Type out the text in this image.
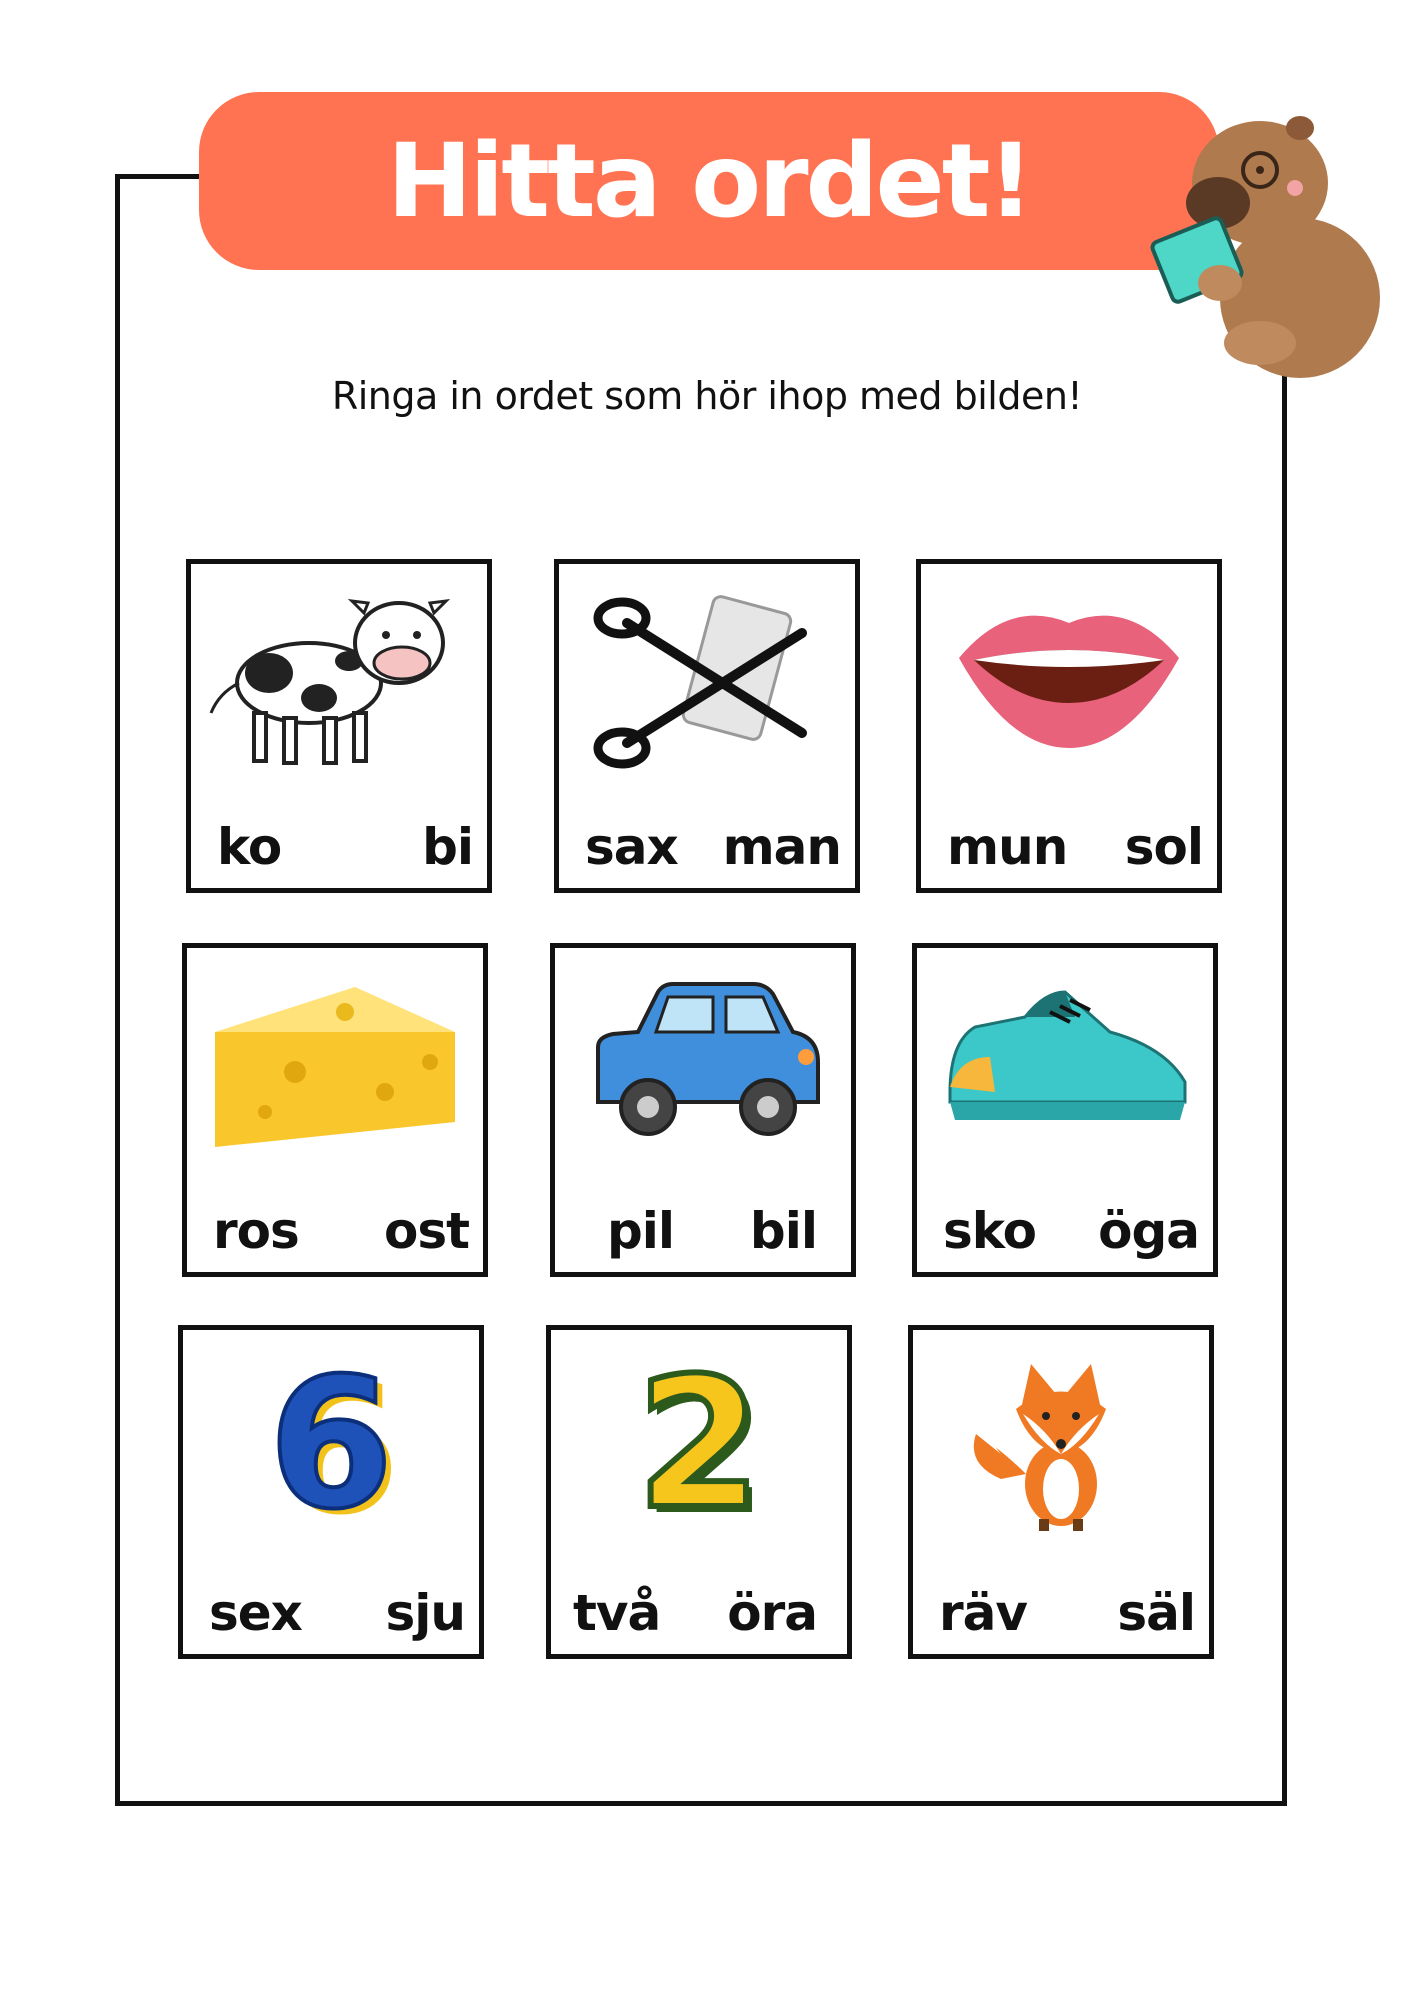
Hitta ordet!
Ringa in ordet som hör ihop med bilden!
ko	bi sax man mun sol
ros ost	pil bil	sko öga
6
sex sju
2
två öra räv säl
